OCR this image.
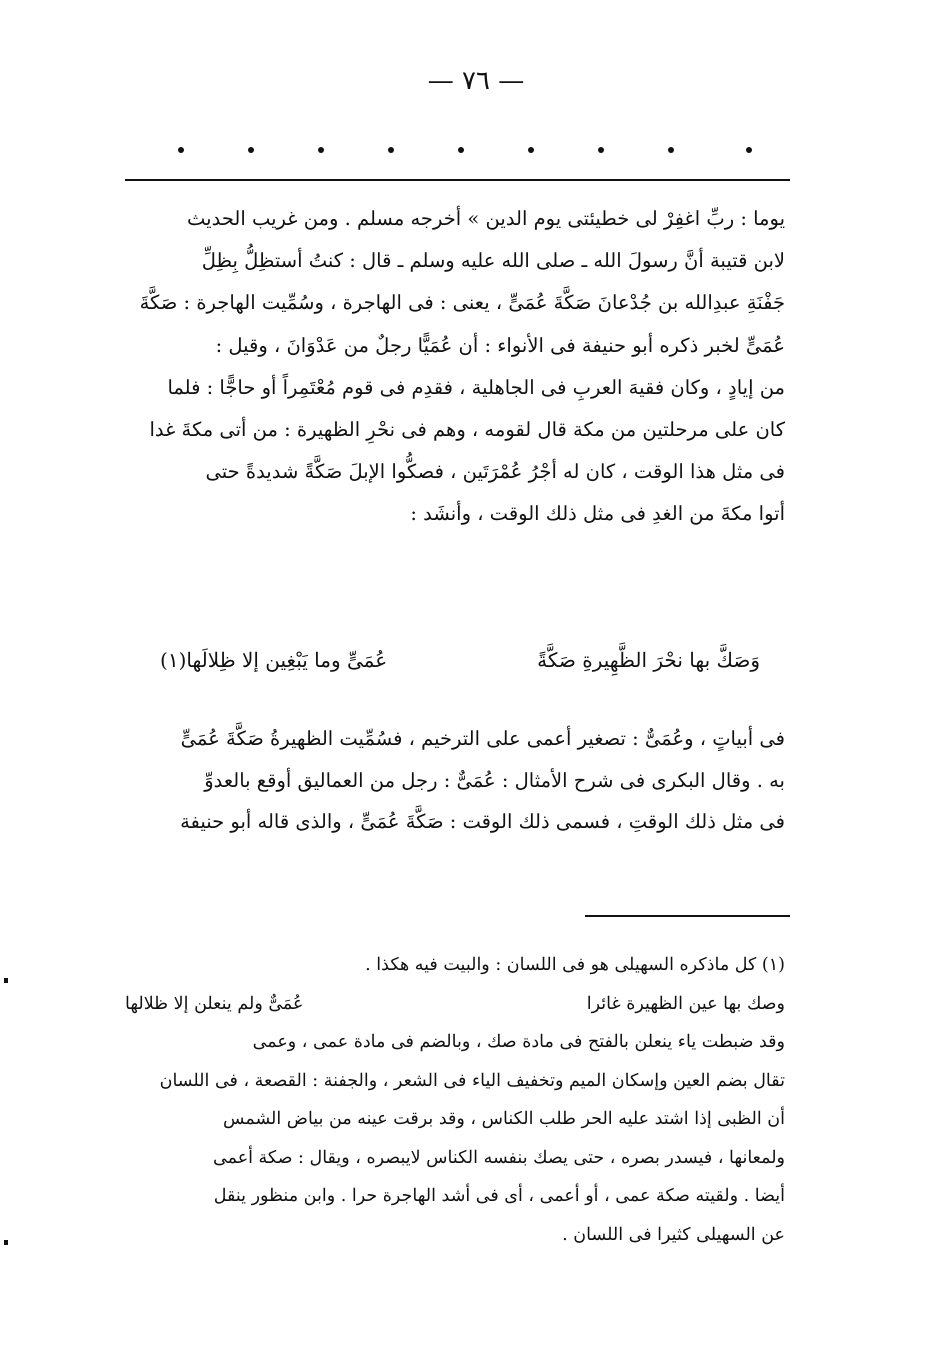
— ٧٦ —
يوما : ربِّ اغفِرْ لى خطيئتى يوم الدين » أخرجه مسلم . ومن غريب الحديث
لابن قتيبة أنَّ رسولَ الله ـ صلى الله عليه وسلم ـ قال : كنتُ أستظِلُّ بِظِلِّ
جَفْنَةِ عبدِالله بن جُدْعانَ صَكَّةَ عُمَىٍّ ، يعنى : فى الهاجرة ، وسُمِّيت الهاجرة : صَكَّةَ
عُمَىٍّ لخبر ذكره أبو حنيفة فى الأنواء : أن عُمَيًّا رجلٌ من عَدْوَانَ ، وقيل :
من إيادٍ ، وكان فقيهَ العربِ فى الجاهلية ، فقدِم فى قوم مُعْتَمِراً أو حاجًّا : فلما
كان على مرحلتين من مكة قال لقومه ، وهم فى نحْرِ الظهيرة : من أتى مكةَ غدا
فى مثل هذا الوقت ، كان له أجْرُ عُمْرَتَين ، فصكُّوا الإبلَ صَكَّةً شديدةً حتى
أتوا مكةَ من الغدِ فى مثل ذلك الوقت ، وأنشَد :
وَصَكَّ بها نحْرَ الظَّهِيرةِ صَكَّةً
عُمَىٍّ وما يَبْغِين إلا ظِلالَها(١)
فى أبياتٍ ، وعُمَىٌّ : تصغير أعمى على الترخيم ، فسُمِّيت الظهيرةُ صَكَّةَ عُمَىٍّ
به . وقال البكرى فى شرح الأمثال : عُمَىٌّ : رجل من العماليق أوقع بالعدوِّ
فى مثل ذلك الوقتِ ، فسمى ذلك الوقت : صَكَّةَ عُمَىٍّ ، والذى قاله أبو حنيفة
(١) كل ماذكره السهيلى هو فى اللسان : والبيت فيه هكذا .
وصك بها عين الظهيرة غائرا
عُمَىٌّ ولم ينعلن إلا ظلالها
وقد ضبطت ياء ينعلن بالفتح فى مادة صك ، وبالضم فى مادة عمى ، وعمى
تقال بضم العين وإسكان الميم وتخفيف الياء فى الشعر ، والجفنة : القصعة ، فى اللسان
أن الظبى إذا اشتد عليه الحر طلب الكناس ، وقد برقت عينه من بياض الشمس
ولمعانها ، فيسدر بصره ، حتى يصك بنفسه الكناس لايبصره ، ويقال : صكة أعمى
أيضا . ولقيته صكة عمى ، أو أعمى ، أى فى أشد الهاجرة حرا . وابن منظور ينقل
عن السهيلى كثيرا فى اللسان .
